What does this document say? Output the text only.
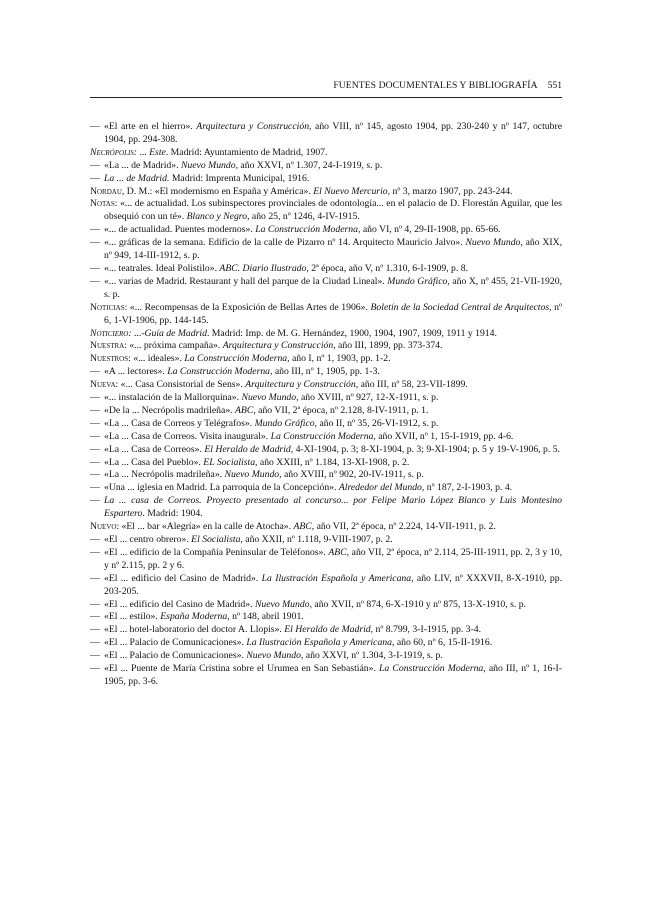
FUENTES DOCUMENTALES Y BIBLIOGRAFÍA 551
— «El arte en el hierro». Arquitectura y Construcción, año VIII, nº 145, agosto 1904, pp. 230-240 y nº 147, octubre 1904, pp. 294-308.
Necrópolis: ... Este. Madrid: Ayuntamiento de Madrid, 1907.
— «La ... de Madrid». Nuevo Mundo, año XXVI, nº 1.307, 24-I-1919, s. p.
— La ... de Madrid. Madrid: Imprenta Municipal, 1916.
Nordau, D. M.: «El modernismo en España y América». El Nuevo Mercurio, nº 3, marzo 1907, pp. 243-244.
Notas: «... de actualidad. Los subinspectores provinciales de odontología... en el palacio de D. Florestán Aguilar, que les obsequió con un té». Blanco y Negro, año 25, nº 1246, 4-IV-1915.
— «... de actualidad. Puentes modernos». La Construcción Moderna, año VI, nº 4, 29-II-1908, pp. 65-66.
— «... gráficas de la semana. Edificio de la calle de Pizarro nº 14. Arquitecto Mauricio Jalvo». Nuevo Mundo, año XIX, nº 949, 14-III-1912, s. p.
— «... teatrales. Ideal Polistilo». ABC. Diario Ilustrado, 2ª época, año V, nº 1.310, 6-I-1909, p. 8.
— «... varias de Madrid. Restaurant y hall del parque de la Ciudad Lineal». Mundo Gráfico, año X, nº 455, 21-VII-1920, s. p.
Noticias: «... Recompensas de la Exposición de Bellas Artes de 1906». Boletín de la Sociedad Central de Arquitectos, nº 6, 1-VI-1906, pp. 144-145.
Noticiero: ...-Guía de Madrid. Madrid: Imp. de M. G. Hernández, 1900, 1904, 1907, 1909, 1911 y 1914.
Nuestra: «... próxima campaña». Arquitectura y Construcción, año III, 1899, pp. 373-374.
Nuestros: «... ideales». La Construcción Moderna, año I, nº 1, 1903, pp. 1-2.
— «A ... lectores». La Construcción Moderna, año III, nº 1, 1905, pp. 1-3.
Nueva: «... Casa Consistorial de Sens». Arquitectura y Construcción, año III, nº 58, 23-VII-1899.
— «... instalación de la Mallorquina». Nuevo Mundo, año XVIII, nº 927, 12-X-1911, s. p.
— «De la ... Necrópolis madrileña». ABC, año VII, 2ª época, nº 2.128, 8-IV-1911, p. 1.
— «La ... Casa de Correos y Telégrafos». Mundo Gráfico, año II, nº 35, 26-VI-1912, s. p.
— «La ... Casa de Correos. Visita inaugural». La Construcción Moderna, año XVII, nº 1, 15-I-1919, pp. 4-6.
— «La ... Casa de Correos». El Heraldo de Madrid, 4-XI-1904, p. 3; 8-XI-1904, p. 3; 9-XI-1904; p. 5 y 19-V-1906, p. 5.
— «La ... Casa del Pueblo». EL Socialista, año XXIII, nº 1.184, 13-XI-1908, p. 2.
— «La ... Necrópolis madrileña». Nuevo Mundo, año XVIII, nº 902, 20-IV-1911, s. p.
— «Una ... iglesia en Madrid. La parroquia de la Concepción». Alrededor del Mundo, nº 187, 2-I-1903, p. 4.
— La ... casa de Correos. Proyecto presentado al concurso... por Felipe Mario López Blanco y Luis Montesino Espartero. Madrid: 1904.
Nuevo: «El ... bar «Alegría» en la calle de Atocha». ABC, año VII, 2ª época, nº 2.224, 14-VII-1911, p. 2.
— «El ... centro obrero». El Socialista, año XXII, nº 1.118, 9-VIII-1907, p. 2.
— «El ... edificio de la Compañía Peninsular de Teléfonos». ABC, año VII, 2ª época, nº 2.114, 25-III-1911, pp. 2, 3 y 10, y nº 2.115, pp. 2 y 6.
— «El ... edificio del Casino de Madrid». La Ilustración Española y Americana, año LIV, nº XXXVII, 8-X-1910, pp. 203-205.
— «El ... edificio del Casino de Madrid». Nuevo Mundo, año XVII, nº 874, 6-X-1910 y nº 875, 13-X-1910, s. p.
— «El ... estilo». España Moderna, nº 148, abril 1901.
— «El ... hotel-laboratorio del doctor A. Llopis». El Heraldo de Madrid, nº 8.799, 3-I-1915, pp. 3-4.
— «El ... Palacio de Comunicaciones». La Ilustración Española y Americana, año 60, nº 6, 15-II-1916.
— «El ... Palacio de Comunicaciones». Nuevo Mundo, año XXVI, nº 1.304, 3-I-1919, s. p.
— «El ... Puente de María Cristina sobre el Urumea en San Sebastián». La Construcción Moderna, año III, nº 1, 16-I-1905, pp. 3-6.
